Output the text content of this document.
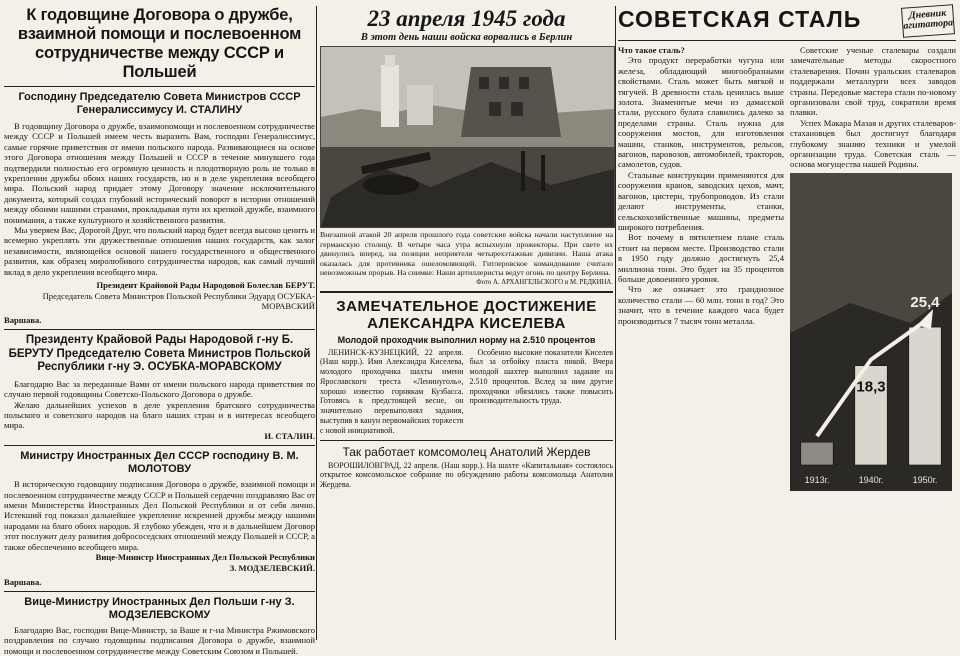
К годовщине Договора о дружбе, взаимной помощи и послевоенном сотрудничестве между СССР и Польшей
Господину Председателю Совета Министров СССР Генералиссимусу И. СТАЛИНУ

В годовщину Договора о дружбе, взаимопомощи и послевоенном сотрудничестве между СССР и Польшей имеем честь выразить Вам, господин Генералиссимус, самые горячие приветствия от имени польского народа. Развивающиеся на основе этого Договора отношения между Польшей и СССР в течение минувшего года подтвердили полностью его огромную ценность и плодотворную роль не только в укреплении дружбы обоих наших государств, но и в деле укрепления всеобщего мира. Польский народ придает этому Договору значение исключительного документа, который создал глубокий исторический поворот в истории отношений между обоими нашими странами, прокладывая пути их крепкой дружбе, взаимного понимания, а также культурного и хозяйственного развития.

Мы уверяем Вас, Дорогой Друг, что польский народ будет всегда высоко ценить и всемерно укреплять эти дружественные отношения наших государств, как залог независимости, являющейся основой нашего государственного и общественного развития, как образец миролюбивого сотрудничества народов, как самый лучший вклад в дело укрепления всеобщего мира.

Президент Крайовой Рады Народовой Болеслав БЕРУТ.

Председатель Совета Министров Польской Республики Эдуард ОСУБКА-МОРАВСКИЙ

Варшава.

Президенту Крайовой Рады Народовой г-ну Б. БЕРУТУ Председателю Совета Министров Польской Республики г-ну Э. ОСУБКА-МОРАВСКОМУ

Благодарю Вас за переданные Вами от имени польского народа приветствия по случаю первой годовщины Советско-Польского Договора о дружбе.

Желаю дальнейших успехов в деле укрепления братского сотрудничества польского и советского народов на благо наших стран и в интересах всеобщего мира.

И. СТАЛИН.

Министру Иностранных Дел СССР господину В. М. МОЛОТОВУ

В историческую годовщину подписания Договора о дружбе, взаимной помощи и послевоенном сотрудничестве между СССР и Польшей сердечно поздравляю Вас от имени Министерства Иностранных Дел Польской Республики и от себя лично. Истекший год показал дальнейшее укрепление искренней дружбы между нашими народами на благо обоих народов. Я глубоко убежден, что и в дальнейшем Договор этот послужит делу развития добрососедских отношений между Польшей и СССР, а также обеспечению всеобщего мира.

Вице-Министр Иностранных Дел Польской Республики

З. МОДЗЕЛЕВСКИЙ.

Варшава.

Вице-Министру Иностранных Дел Польши г-ну З. МОДЗЕЛЕВСКОМУ

Благодарю Вас, господин Вице-Министр, за Ваше и г-на Министра Ржимовского поздравления по случаю годовщины подписания Договора о дружбе, взаимной помощи и послевоенном сотрудничестве между Советским Союзом и Польшей.

23 апреля 1945 года

В этот день наши войска ворвались в Берлин

Внезапной атакой 20 апреля прошлого года советские войска начали наступление на германскую столицу. В четыре часа утра вспыхнули прожекторы. При свете их двинулись вперед, на позиции неприятеля четырехэтажные дивизии. Наша атака оказалась для противника ошеломляющей. Гитлеровское командование считало невозможным прорыв. На снимке: Наши артиллеристы ведут огонь по центру Берлина.

Фото А. АРХАНГЕЛЬСКОГО и М. РЕДКИНА.

ЗАМЕЧАТЕЛЬНОЕ ДОСТИЖЕНИЕ АЛЕКСАНДРА КИСЕЛЕВА

Молодой проходчик выполнил норму на 2.510 процентов

ЛЕНИНСК-КУЗНЕЦКИЙ, 22 апреля. (Наш корр.). Имя Александра Киселева, молодого проходчика шахты имени Ярославского треста «Ленинуголь», хорошо известно горнякам Кузбасса. Готовясь к предстоящей весне, он значительно перевыполнял задания, выступив в канун первомайских торжеств с новой инициативой.

Особенно высокие показатели Киселев был за отбойку пласта пикой. Вчера молодой шахтер выполнил задание на 2.510 процентов. Вслед за ним другие проходчики обязались также повысить производительность труда.

Так работает комсомолец Анатолий Жердев

ВОРОШИЛОВГРАД, 22 апреля. (Наш корр.). На шахте «Капитальная» состоялось открытое комсомольское собрание по обсуждению работы комсомольца Анатолия Жердева.

СОВЕТСКАЯ СТАЛЬ	Дневник агитатора

Что такое сталь?

Это продукт переработки чугуна или железа, обладающий многообразными свойствами. Сталь может быть мягкой и тягучей. В древности сталь ценилась выше золота. Знаменитые мечи из дамасской стали, русского булата славились далеко за пределами страны. Сталь нужна для сооружения мостов, для изготовления машин, станков, инструментов, рельсов, вагонов, паровозов, автомобилей, тракторов, самолетов, судов.

Стальные конструкции применяются для сооружения кранов, заводских цехов, мачт, вагонов, цистерн, трубопроводов. Из стали делают инструменты, станки, сельскохозяйственные машины, предметы широкого потребления.

Вот почему в пятилетнем плане сталь стоит на первом месте. Производство стали в 1950 году должно достигнуть 25,4 миллиона тонн. Это будет на 35 процентов больше довоенного уровня.

Что же означает это грандиозное количество стали — 60 млн. тонн в год? Это значит, что в течение каждого часа будет производиться 7 тысяч тонн металла.

Советские ученые сталевары создали замечательные методы скоростного сталеварения. Почин уральских сталеваров поддержали металлурги всех заводов страны. Передовые мастера стали по-новому организовали свой труд, сократили время плавки.

Успех Макара Мазая и других сталеваров-стахановцев был достигнут благодаря глубокому знанию техники и умелой организации труда. Советская сталь — основа могущества нашей Родины.

1913г.	1940г.	1950г.
18,3
25,4
